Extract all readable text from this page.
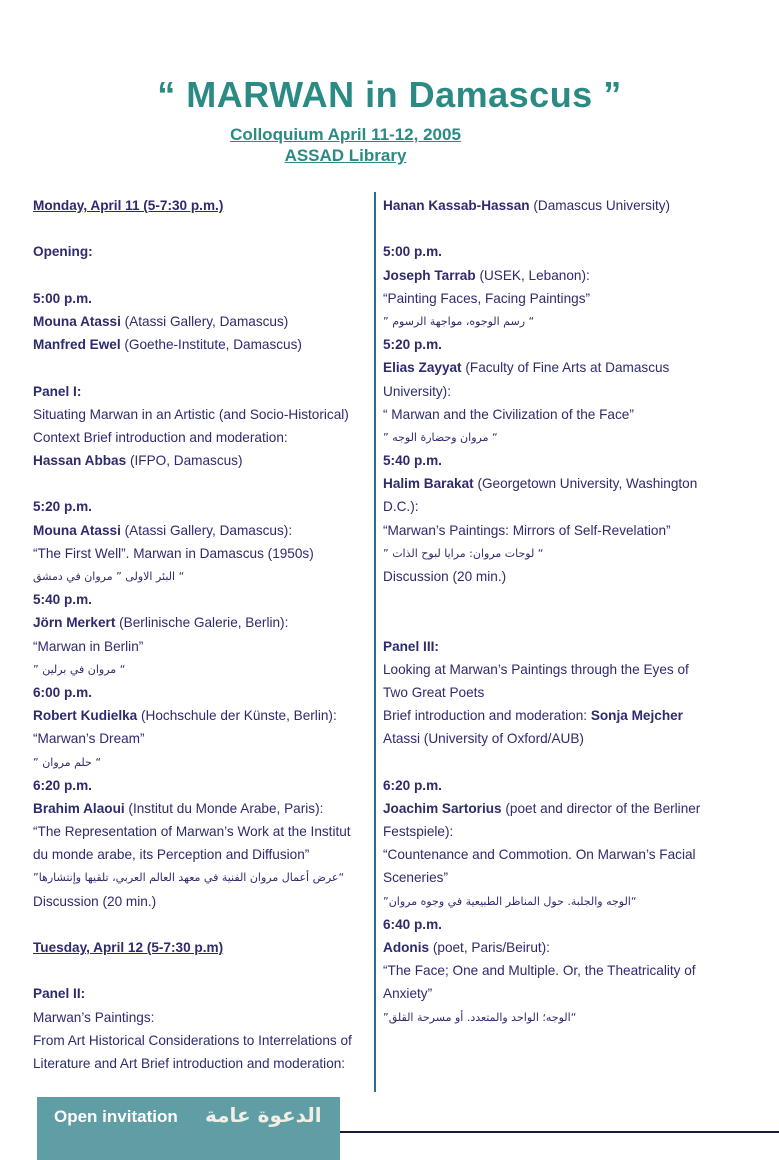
“ MARWAN in Damascus ”
Colloquium April 11-12, 2005
ASSAD Library
Monday, April 11 (5-7:30 p.m.)
Opening:
5:00 p.m.
Mouna Atassi (Atassi Gallery, Damascus)
Manfred Ewel (Goethe-Institute, Damascus)
Panel I:
Situating Marwan in an Artistic (and Socio-Historical)
Context Brief introduction and moderation:
Hassan Abbas (IFPO, Damascus)
5:20 p.m.
Mouna Atassi (Atassi Gallery, Damascus):
“The First Well”. Marwan in Damascus (1950s)
“ البئر الاولى ” مروان في دمشق
5:40 p.m.
Jörn Merkert (Berlinische Galerie, Berlin):
“Marwan in Berlin”
“ مروان في برلين ”
6:00 p.m.
Robert Kudielka (Hochschule der Künste, Berlin):
“Marwan’s Dream”
“ حلم مروان ”
6:20 p.m.
Brahim Alaoui (Institut du Monde Arabe, Paris):
“The Representation of Marwan’s Work at the Institut
du monde arabe, its Perception and Diffusion”
“عرض أعمال مروان الفنية في معهد العالم العربي، تلقيها وإنتشارها”
Discussion (20 min.)
Tuesday, April 12 (5-7:30 p.m)
Panel II:
Marwan’s Paintings:
From Art Historical Considerations to Interrelations of
Literature and Art Brief introduction and moderation:
Hanan Kassab-Hassan (Damascus University)
5:00 p.m.
Joseph Tarrab (USEK, Lebanon):
“Painting Faces, Facing Paintings”
“ رسم الوجوه، مواجهة الرسوم ”
5:20 p.m.
Elias Zayyat (Faculty of Fine Arts at Damascus
University):
“ Marwan and the Civilization of the Face”
“ مروان وحضارة الوجه ”
5:40 p.m.
Halim Barakat (Georgetown University, Washington
D.C.):
“Marwan’s Paintings: Mirrors of Self-Revelation”
“ لوحات مروان: مرايا لبوح الذات ”
Discussion (20 min.)
Panel III:
Looking at Marwan’s Paintings through the Eyes of
Two Great Poets
Brief introduction and moderation: Sonja Mejcher
Atassi (University of Oxford/AUB)
6:20 p.m.
Joachim Sartorius (poet and director of the Berliner
Festspiele):
“Countenance and Commotion. On Marwan’s Facial
Sceneries”
“الوجه والجلبة. حول المناظر الطبيعية في وجوه مروان”
6:40 p.m.
Adonis (poet, Paris/Beirut):
“The Face; One and Multiple. Or, the Theatricality of
Anxiety”
“الوجه؛ الواحد والمتعدد. أو مسرحة القلق”
Open invitation الدعوة عامة
